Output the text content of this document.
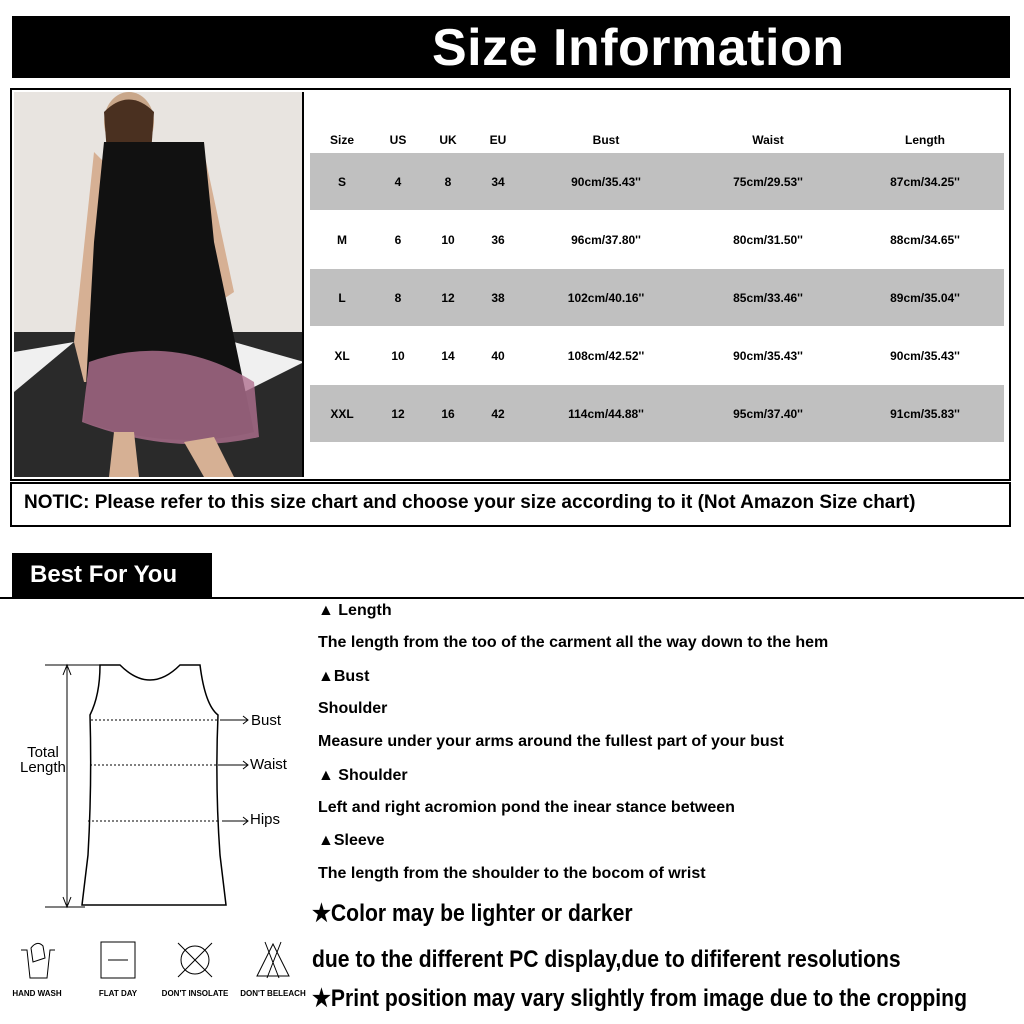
Size Information
Size	US	UK	EU	Bust	Waist	Length
S	4	8	34	90cm/35.43''	75cm/29.53''	87cm/34.25''
M	6	10	36	96cm/37.80''	80cm/31.50''	88cm/34.65''
L	8	12	38	102cm/40.16''	85cm/33.46''	89cm/35.04''
XL	10	14	40	108cm/42.52''	90cm/35.43''	90cm/35.43''
XXL	12	16	42	114cm/44.88''	95cm/37.40''	91cm/35.83''
NOTIC: Please refer to this size chart and choose your size according to it (Not Amazon Size chart)
Best For You
Total
Length
Bust
Waist
Hips
▲ Length
The length from the too of the carment all the way down to the hem
▲Bust
Shoulder
Measure under your arms around the fullest part of your bust
▲ Shoulder
Left and right acromion pond the inear stance between
▲Sleeve
The length from the shoulder to the bocom of wrist
★Color may be lighter or darker
due to the different PC display,due to dififerent resolutions
★Print position may vary slightly from image due to the cropping
HAND WASH	FLAT DAY	DON'T INSOLATE DON'T BELEACH
